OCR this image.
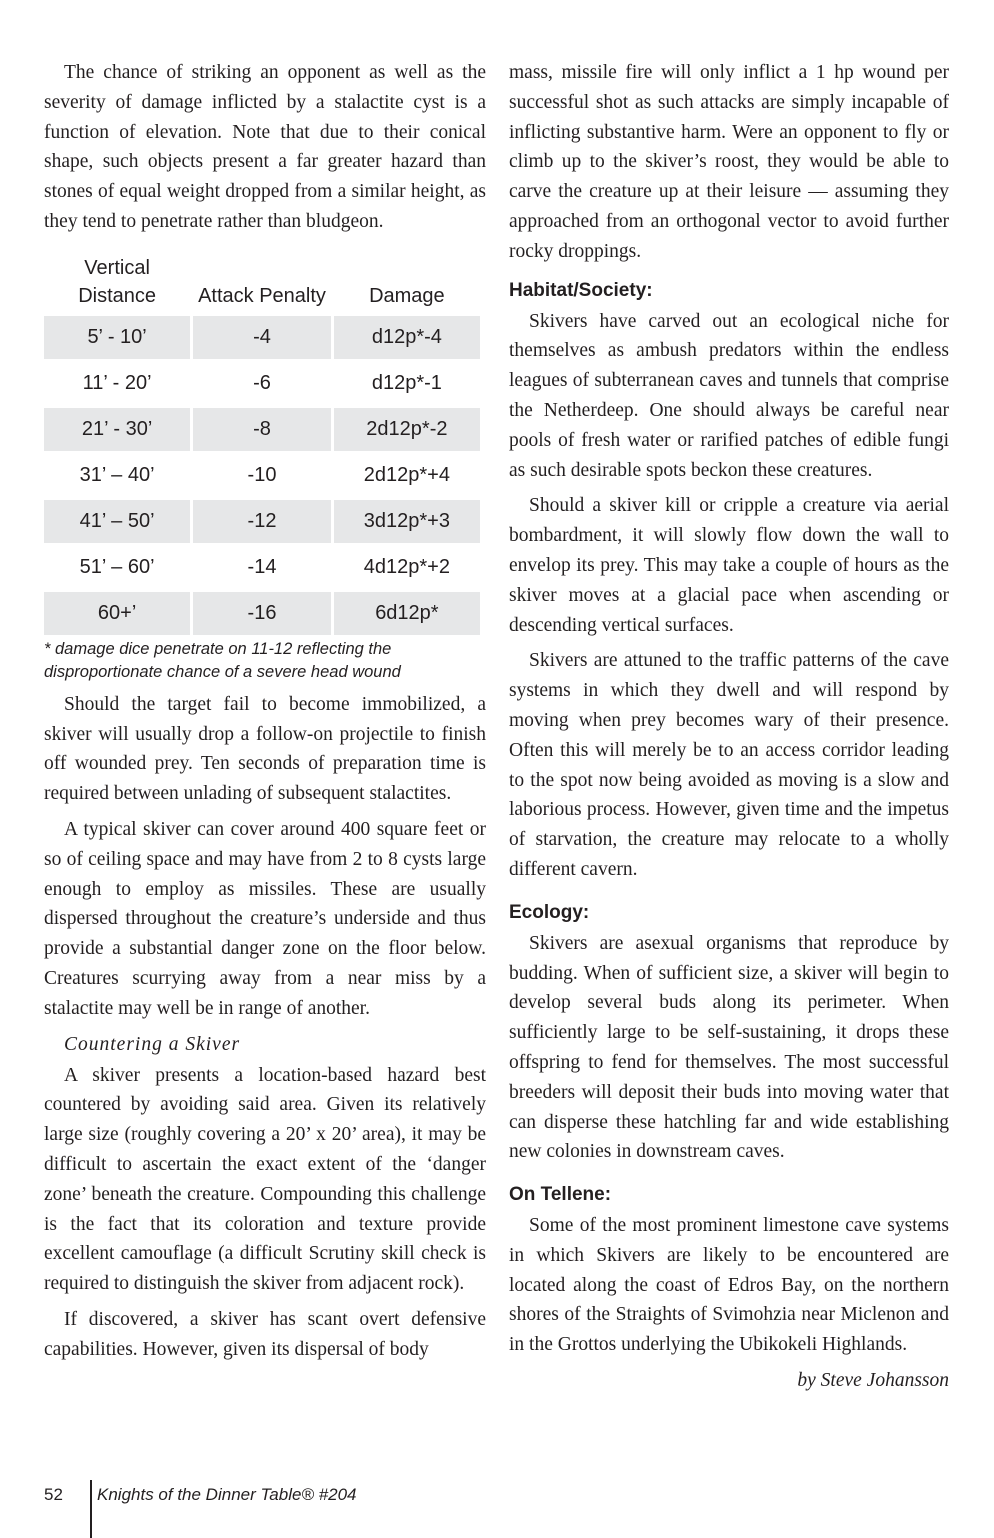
The chance of striking an opponent as well as the severity of damage inflicted by a stalactite cyst is a function of elevation. Note that due to their conical shape, such objects present a far greater hazard than stones of equal weight dropped from a similar height, as they tend to penetrate rather than bludgeon.

Vertical Distance	Attack Penalty	Damage
5’ - 10’	-4	d12p*-4
11’ - 20’	-6	d12p*-1
21’ - 30’	-8	2d12p*-2
31’ – 40’	-10	2d12p*+4
41’ – 50’	-12	3d12p*+3
51’ – 60’	-14	4d12p*+2
60+’	-16	6d12p*

* damage dice penetrate on 11-12 reflecting the disproportionate chance of a severe head wound

Should the target fail to become immobilized, a skiver will usually drop a follow-on projectile to finish off wounded prey. Ten seconds of preparation time is required between unlading of subsequent stalactites.

A typical skiver can cover around 400 square feet or so of ceiling space and may have from 2 to 8 cysts large enough to employ as missiles. These are usually dispersed throughout the creature’s underside and thus provide a substantial danger zone on the floor below. Creatures scurrying away from a near miss by a stalactite may well be in range of another.

Countering a Skiver

A skiver presents a location-based hazard best countered by avoiding said area. Given its relatively large size (roughly covering a 20’ x 20’ area), it may be difficult to ascertain the exact extent of the ‘danger zone’ beneath the creature. Compounding this challenge is the fact that its coloration and texture provide excellent camouflage (a difficult Scrutiny skill check is required to distinguish the skiver from adjacent rock).

If discovered, a skiver has scant overt defensive capabilities. However, given its dispersal of body

mass, missile fire will only inflict a 1 hp wound per successful shot as such attacks are simply incapable of inflicting substantive harm. Were an opponent to fly or climb up to the skiver’s roost, they would be able to carve the creature up at their leisure — assuming they approached from an orthogonal vector to avoid further rocky droppings.

Habitat/Society:

Skivers have carved out an ecological niche for themselves as ambush predators within the endless leagues of subterranean caves and tunnels that comprise the Netherdeep. One should always be careful near pools of fresh water or rarified patches of edible fungi as such desirable spots beckon these creatures.

Should a skiver kill or cripple a creature via aerial bombardment, it will slowly flow down the wall to envelop its prey. This may take a couple of hours as the skiver moves at a glacial pace when ascending or descending vertical surfaces.

Skivers are attuned to the traffic patterns of the cave systems in which they dwell and will respond by moving when prey becomes wary of their presence. Often this will merely be to an access corridor leading to the spot now being avoided as moving is a slow and laborious process. However, given time and the impetus of starvation, the creature may relocate to a wholly different cavern.

Ecology:

Skivers are asexual organisms that reproduce by budding. When of sufficient size, a skiver will begin to develop several buds along its perimeter. When sufficiently large to be self-sustaining, it drops these offspring to fend for themselves. The most successful breeders will deposit their buds into moving water that can disperse these hatchling far and wide establishing new colonies in downstream caves.

On Tellene:

Some of the most prominent limestone cave systems in which Skivers are likely to be encountered are located along the coast of Edros Bay, on the northern shores of the Straights of Svimohzia near Miclenon and in the Grottos underlying the Ubikokeli Highlands.

by Steve Johansson

52 Knights of the Dinner Table® #204
